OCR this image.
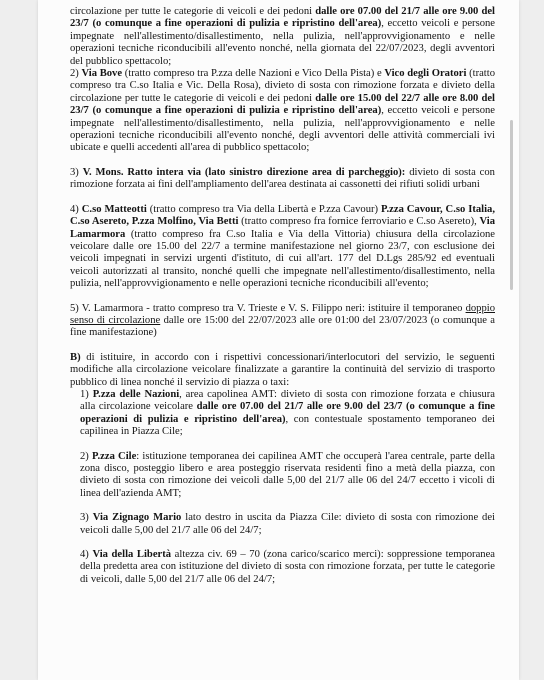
circolazione per tutte le categorie di veicoli e dei pedoni dalle ore 07.00 del 21/7 alle ore 9.00 del 23/7 (o comunque a fine operazioni di pulizia e ripristino dell'area), eccetto veicoli e persone impegnate nell'allestimento/disallestimento, nella pulizia, nell'approvvigionamento e nelle operazioni tecniche riconducibili all'evento nonché, nella giornata del 22/07/2023, degli avventori del pubblico spettacolo;

2) Via Bove (tratto compreso tra P.zza delle Nazioni e Vico Della Pista) e Vico degli Oratori (tratto compreso tra C.so Italia e Vic. Della Rosa), divieto di sosta con rimozione forzata e divieto della circolazione per tutte le categorie di veicoli e dei pedoni dalle ore 15.00 del 22/7 alle ore 8.00 del 23/7 (o comunque a fine operazioni di pulizia e ripristino dell'area), eccetto veicoli e persone impegnate nell'allestimento/disallestimento, nella pulizia, nell'approvvigionamento e nelle operazioni tecniche riconducibili all'evento nonché, degli avventori delle attività commerciali ivi ubicate e quelli accedenti all'area di pubblico spettacolo;

3) V. Mons. Ratto intera via (lato sinistro direzione area di parcheggio): divieto di sosta con rimozione forzata ai fini dell'ampliamento dell'area destinata ai cassonetti dei rifiuti solidi urbani

4) C.so Matteotti (tratto compreso tra Via della Libertà e P.zza Cavour) P.zza Cavour, C.so Italia, C.so Asereto, P.zza Molfino, Via Betti (tratto compreso fra fornice ferroviario e C.so Asereto), Via Lamarmora (tratto compreso fra C.so Italia e Via della Vittoria) chiusura della circolazione veicolare dalle ore 15.00 del 22/7 a termine manifestazione nel giorno 23/7, con esclusione dei veicoli impegnati in servizi urgenti d'istituto, di cui all'art. 177 del D.Lgs 285/92 ed eventuali veicoli autorizzati al transito, nonché quelli che impegnate nell'allestimento/disallestimento, nella pulizia, nell'approvvigionamento e nelle operazioni tecniche riconducibili all'evento;

5) V. Lamarmora - tratto compreso tra V. Trieste e V. S. Filippo neri: istituire il temporaneo doppio senso di circolazione dalle ore 15:00 del 22/07/2023 alle ore 01:00 del 23/07/2023 (o comunque a fine manifestazione)

B) di istituire, in accordo con i rispettivi concessionari/interlocutori del servizio, le seguenti modifiche alla circolazione veicolare finalizzate a garantire la continuità del servizio di trasporto pubblico di linea nonché il servizio di piazza o taxi:

1) P.zza delle Nazioni, area capolinea AMT: divieto di sosta con rimozione forzata e chiusura alla circolazione veicolare dalle ore 07.00 del 21/7 alle ore 9.00 del 23/7 (o comunque a fine operazioni di pulizia e ripristino dell'area), con contestuale spostamento temporaneo dei capilinea in Piazza Cile;

2) P.zza Cile: istituzione temporanea dei capilinea AMT che occuperà l'area centrale, parte della zona disco, posteggio libero e area posteggio riservata residenti fino a metà della piazza, con divieto di sosta con rimozione dei veicoli dalle 5,00 del 21/7 alle 06 del 24/7 eccetto i vicoli di linea dell'azienda AMT;

3) Via Zignago Mario lato destro in uscita da Piazza Cile: divieto di sosta con rimozione dei veicoli dalle 5,00 del 21/7 alle 06 del 24/7;

4) Via della Libertà altezza civ. 69 – 70 (zona carico/scarico merci): soppressione temporanea della predetta area con istituzione del divieto di sosta con rimozione forzata, per tutte le categorie di veicoli, dalle 5,00 del 21/7 alle 06 del 24/7;
